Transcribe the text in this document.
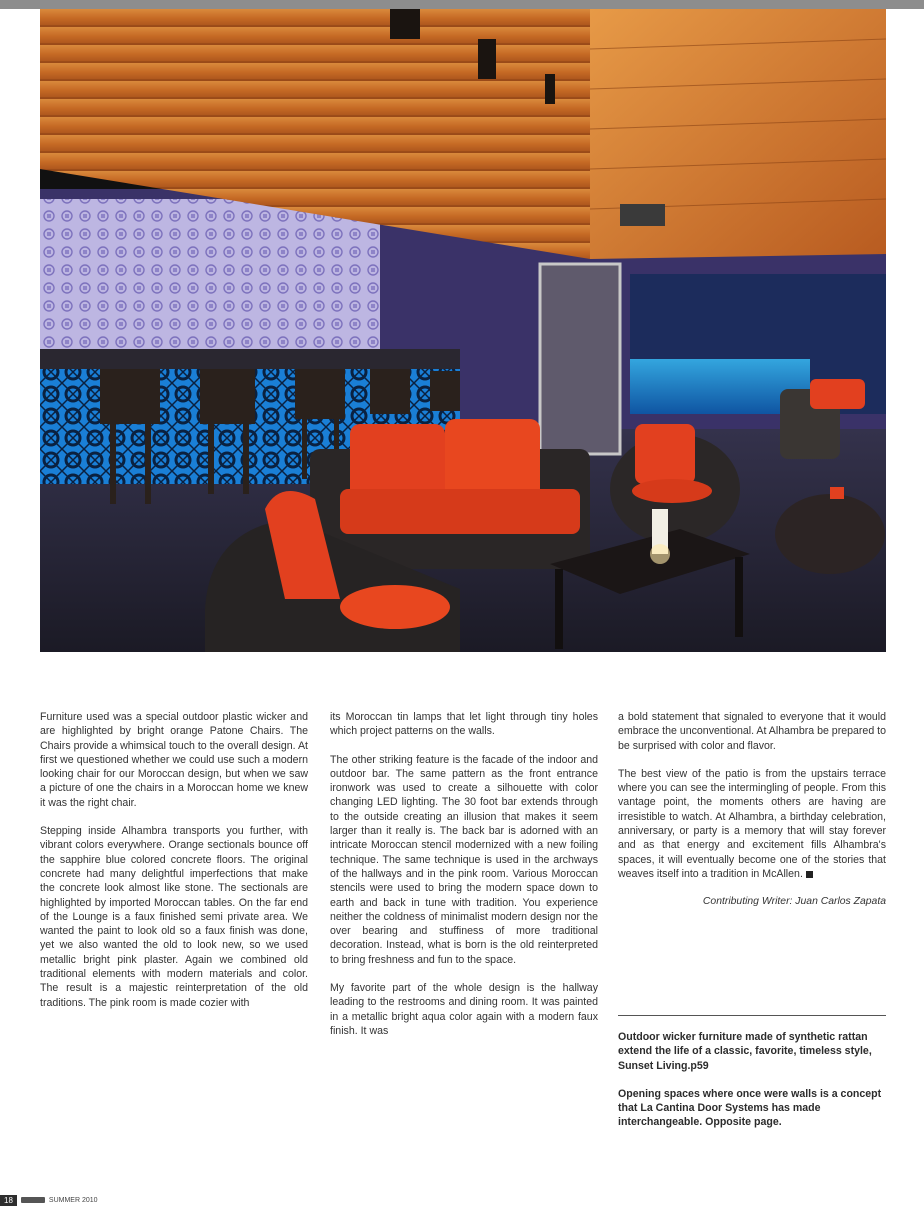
Furniture used was a special outdoor plastic wicker and are highlighted by bright orange Patone Chairs. The Chairs provide a whimsical touch to the overall design. At first we questioned whether we could use such a modern looking chair for our Moroccan design, but when we saw a picture of one the chairs in a Moroccan home we knew it was the right chair.

Stepping inside Alhambra transports you further, with vibrant colors everywhere. Orange sectionals bounce off the sapphire blue colored concrete floors. The original concrete had many delightful imperfections that make the concrete look almost like stone. The sectionals are highlighted by imported Moroccan tables. On the far end of the Lounge is a faux finished semi private area. We wanted the paint to look old so a faux finish was done, yet we also wanted the old to look new, so we used metallic bright pink plaster. Again we combined old traditional elements with modern materials and color. The result is a majestic reinterpretation of the old traditions. The pink room is made cozier with

its Moroccan tin lamps that let light through tiny holes which project patterns on the walls.

The other striking feature is the facade of the indoor and outdoor bar. The same pattern as the front entrance ironwork was used to create a silhouette with color changing LED lighting. The 30 foot bar extends through to the outside creating an illusion that makes it seem larger than it really is. The back bar is adorned with an intricate Moroccan stencil modernized with a new foiling technique. The same technique is used in the archways of the hallways and in the pink room. Various Moroccan stencils were used to bring the modern space down to earth and back in tune with tradition. You experience neither the coldness of minimalist modern design nor the over bearing and stuffiness of more traditional decoration. Instead, what is born is the old reinterpreted to bring freshness and fun to the space.

My favorite part of the whole design is the hallway leading to the restrooms and dining room. It was painted in a metallic bright aqua color again with a modern faux finish. It was

a bold statement that signaled to everyone that it would embrace the unconventional. At Alhambra be prepared to be surprised with color and flavor.

The best view of the patio is from the upstairs terrace where you can see the intermingling of people. From this vantage point, the moments others are having are irresistible to watch. At Alhambra, a birthday celebration, anniversary, or party is a memory that will stay forever and as that energy and excitement fills Alhambra's spaces, it will eventually become one of the stories that weaves itself into a tradition in McAllen.

Contributing Writer: Juan Carlos Zapata

Outdoor wicker furniture made of synthetic rattan extend the life of a classic, favorite, timeless style, Sunset Living.p59

Opening spaces where once were walls is a concept that La Cantina Door Systems has made interchangeable. Opposite page.

18	SUMMER 2010
